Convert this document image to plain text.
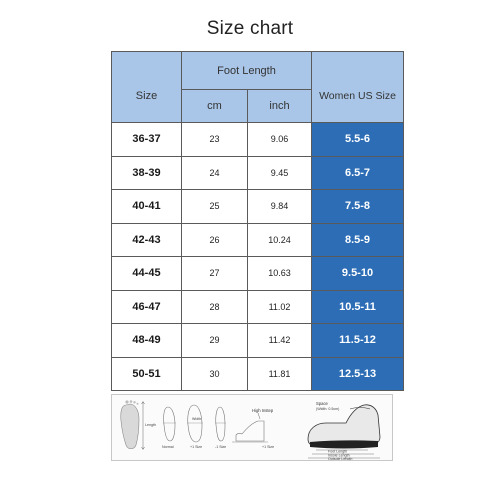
Size chart
Size	Foot Length		Women US Size
	cm	inch	
36-37	23	9.06	5.5-6
38-39	24	9.45	6.5-7
40-41	25	9.84	7.5-8
42-43	26	10.24	8.5-9
44-45	27	10.63	9.5-10
46-47	28	11.02	10.5-11
48-49	29	11.42	11.5-12
50-51	30	11.81	12.5-13
Length
Width
Normal	+1 Size	-1 Size
High Instep
+1 Size
Space
(Width: 0.5cm)
Foot Length
Insole Length
Outsole Length
